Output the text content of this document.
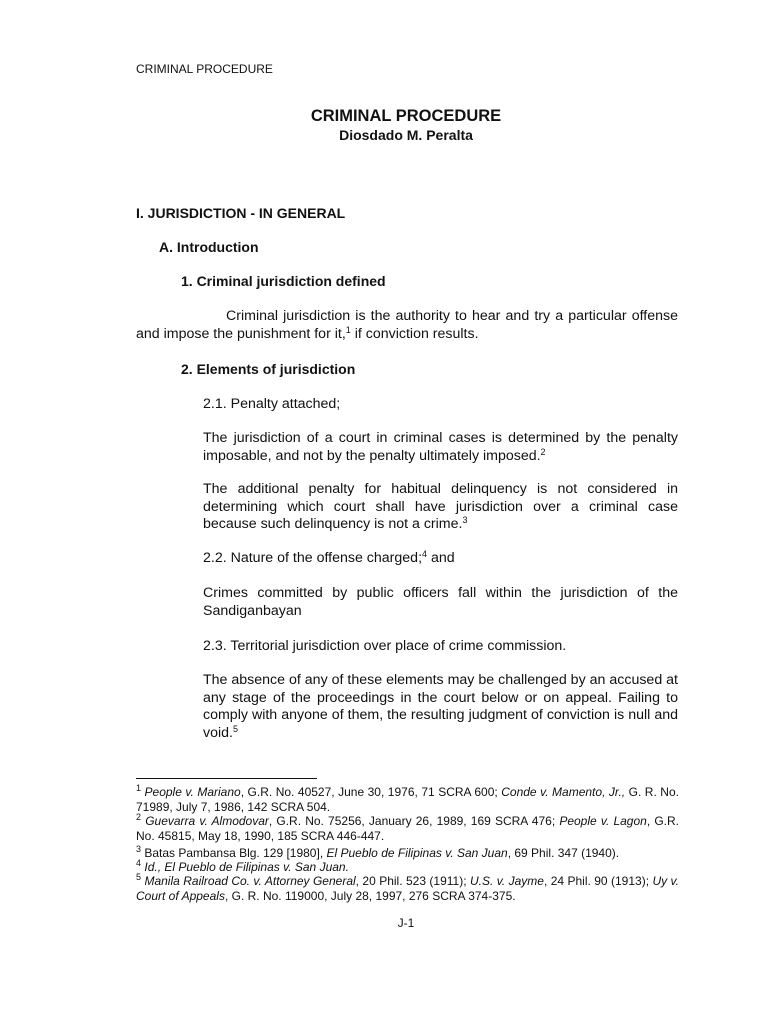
CRIMINAL PROCEDURE
CRIMINAL PROCEDURE
Diosdado M. Peralta
I. JURISDICTION - IN GENERAL
A. Introduction
1. Criminal jurisdiction defined
Criminal jurisdiction is the authority to hear and try a particular offense and impose the punishment for it,$^1$ if conviction results.
2. Elements of jurisdiction
2.1. Penalty attached;
The jurisdiction of a court in criminal cases is determined by the penalty imposable, and not by the penalty ultimately imposed.$^2$
The additional penalty for habitual delinquency is not considered in determining which court shall have jurisdiction over a criminal case because such delinquency is not a crime.$^3$
2.2. Nature of the offense charged;$^4$ and
Crimes committed by public officers fall within the jurisdiction of the Sandiganbayan
2.3. Territorial jurisdiction over place of crime commission.
The absence of any of these elements may be challenged by an accused at any stage of the proceedings in the court below or on appeal. Failing to comply with anyone of them, the resulting judgment of conviction is null and void.$^5$
$^1$ People v. Mariano, G.R. No. 40527, June 30, 1976, 71 SCRA 600; Conde v. Mamento, Jr., G. R. No. 71989, July 7, 1986, 142 SCRA 504.
$^2$ Guevarra v. Almodovar, G.R. No. 75256, January 26, 1989, 169 SCRA 476; People v. Lagon, G.R. No. 45815, May 18, 1990, 185 SCRA 446-447.
$^3$ Batas Pambansa Blg. 129 [1980], El Pueblo de Filipinas v. San Juan, 69 Phil. 347 (1940).
$^4$ Id., El Pueblo de Filipinas v. San Juan.
$^5$ Manila Railroad Co. v. Attorney General, 20 Phil. 523 (1911); U.S. v. Jayme, 24 Phil. 90 (1913); Uy v. Court of Appeals, G. R. No. 119000, July 28, 1997, 276 SCRA 374-375.
J-1
